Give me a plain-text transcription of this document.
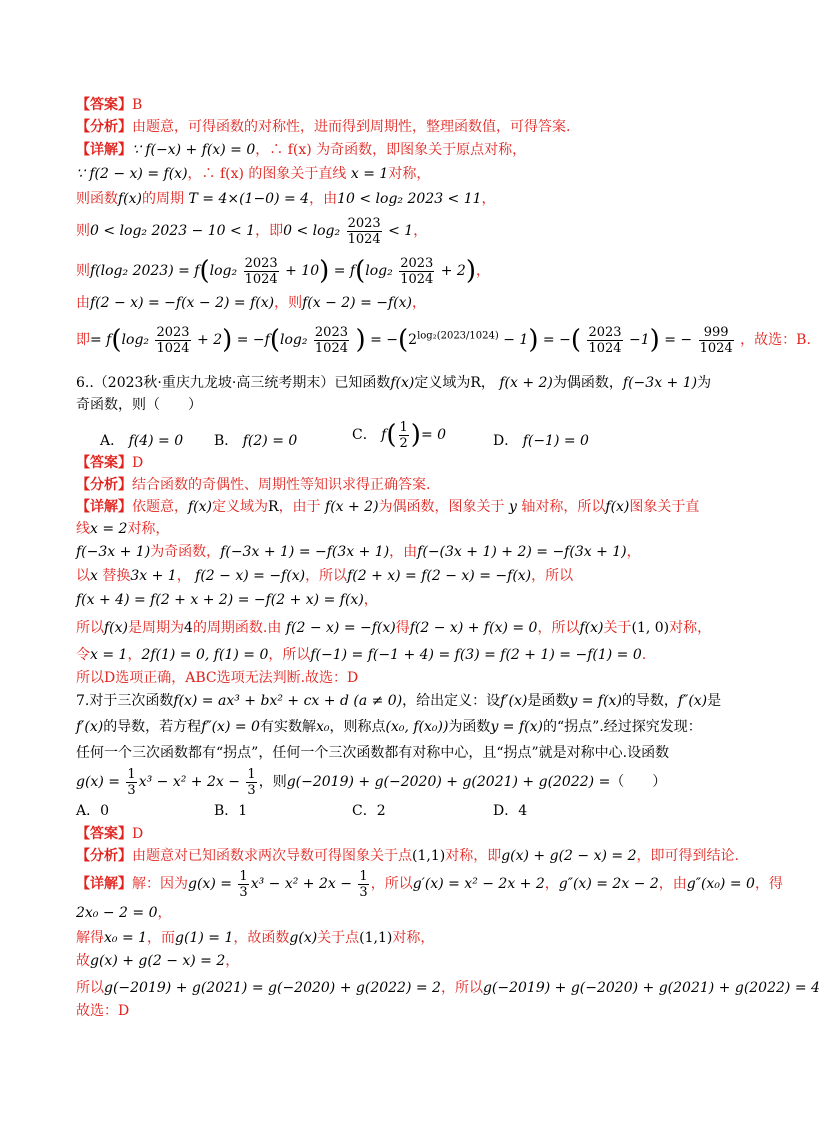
【答案】B
【分析】由题意，可得函数的对称性，进而得到周期性，整理函数值，可得答案.
【详解】∵ f(−x) + f(x) = 0，∴ f(x) 为奇函数，即图象关于原点对称，
∵ f(2 − x) = f(x)，∴ f(x) 的图象关于直线 x = 1对称，
则函数f(x)的周期 T = 4×(1−0) = 4，由10 < log₂ 2023 < 11，
则0 < log₂ 2023 − 10 < 1，即$0 < \log_2 \frac{2023}{1024} < 1$，
则f(log₂ $2023) = f(\log_2 \frac{2023}{1024} + 10) = f(\log_2 \frac{2023}{1024} + 2)$，
由f(2 − x) = −f(x − 2) = f(x)，则f(x − 2) = −f(x)，
即= $f(\log_2 \frac{2023}{1024} + 2) = -f(\log_2 \frac{2023}{1024}$ ) = $-(2^{log_2(2023/1024)} - 1)$ = −( $\frac{2023}{1024} -1$) = − $\frac{999}{1024}$ ，故选：B.
6..（2023秋·重庆九龙坡·高三统考期末）已知函数f(x)定义域为R， f(x + 2)为偶函数，f(−3x + 1)为
奇函数，则（　　）
A． f(4) = 0 B． f(2) = 0	C． $f( \frac{1}{2}$ )= 0	D． f(−1) = 0
【答案】D
【分析】结合函数的奇偶性、周期性等知识求得正确答案.
【详解】依题意，f(x)定义域为R，由于 f(x + 2)为偶函数，图象关于 y 轴对称，所以f(x)图象关于直
线x = 2对称，
f(−3x + 1)为奇函数，f(−3x + 1) = −f(3x + 1)，由f(−(3x + 1) + 2) = −f(3x + 1)，
以x 替换3x + 1， f(2 − x) = −f(x)，所以f(2 + x) = f(2 − x) = −f(x)，所以
f(x + 4) = f(2 + x + 2) = −f(2 + x) = f(x)，
所以f(x)是周期为4的周期函数.由 f(2 − x) = −f(x)得f(2 − x) + f(x) = 0，所以f(x)关于(1, 0)对称，
令x = 1，2f(1) = 0, f(1) = 0，所以f(−1) = f(−1 + 4) = f(3) = f(2 + 1) = −f(1) = 0.
所以D选项正确，ABC选项无法判断.故选：D
7.对于三次函数f(x) = ax³ + bx² + cx + d (a ≠ 0)，给出定义：设f′(x)是函数y = f(x)的导数，f″(x)是
f′(x)的导数，若方程f″(x) = 0有实数解x₀，则称点(x₀, f(x₀))为函数y = f(x)的“拐点”.经过探究发现：
任何一个三次函数都有“拐点”，任何一个三次函数都有对称中心，且“拐点”就是对称中心.设函数
$g(x) = \frac{1}{3} x^3 - x^2 + 2x - \frac{1}{3}$ ，则g(−2019) + g(−2020) + g(2021) + g(2022) =（　　）
A．0	B．1	C．2	D．4
【答案】D
【分析】由题意对已知函数求两次导数可得图象关于点(1,1)对称，即g(x) + g(2 − x) = 2，即可得到结论.
【详解】解：因为$g(x) = \frac{1}{3} x^3 - x^2 + 2x - \frac{1}{3}$ ，所以g′(x) = x² − 2x + 2，g″(x) = 2x − 2，由g″(x₀) = 0，得
2x₀ − 2 = 0，
解得x₀ = 1，而g(1) = 1，故函数g(x)关于点(1,1)对称，
故g(x) + g(2 − x) = 2，
所以g(−2019) + g(2021) = g(−2020) + g(2022) = 2，所以g(−2019) + g(−2020) + g(2021) + g(2022) = 4
故选：D
